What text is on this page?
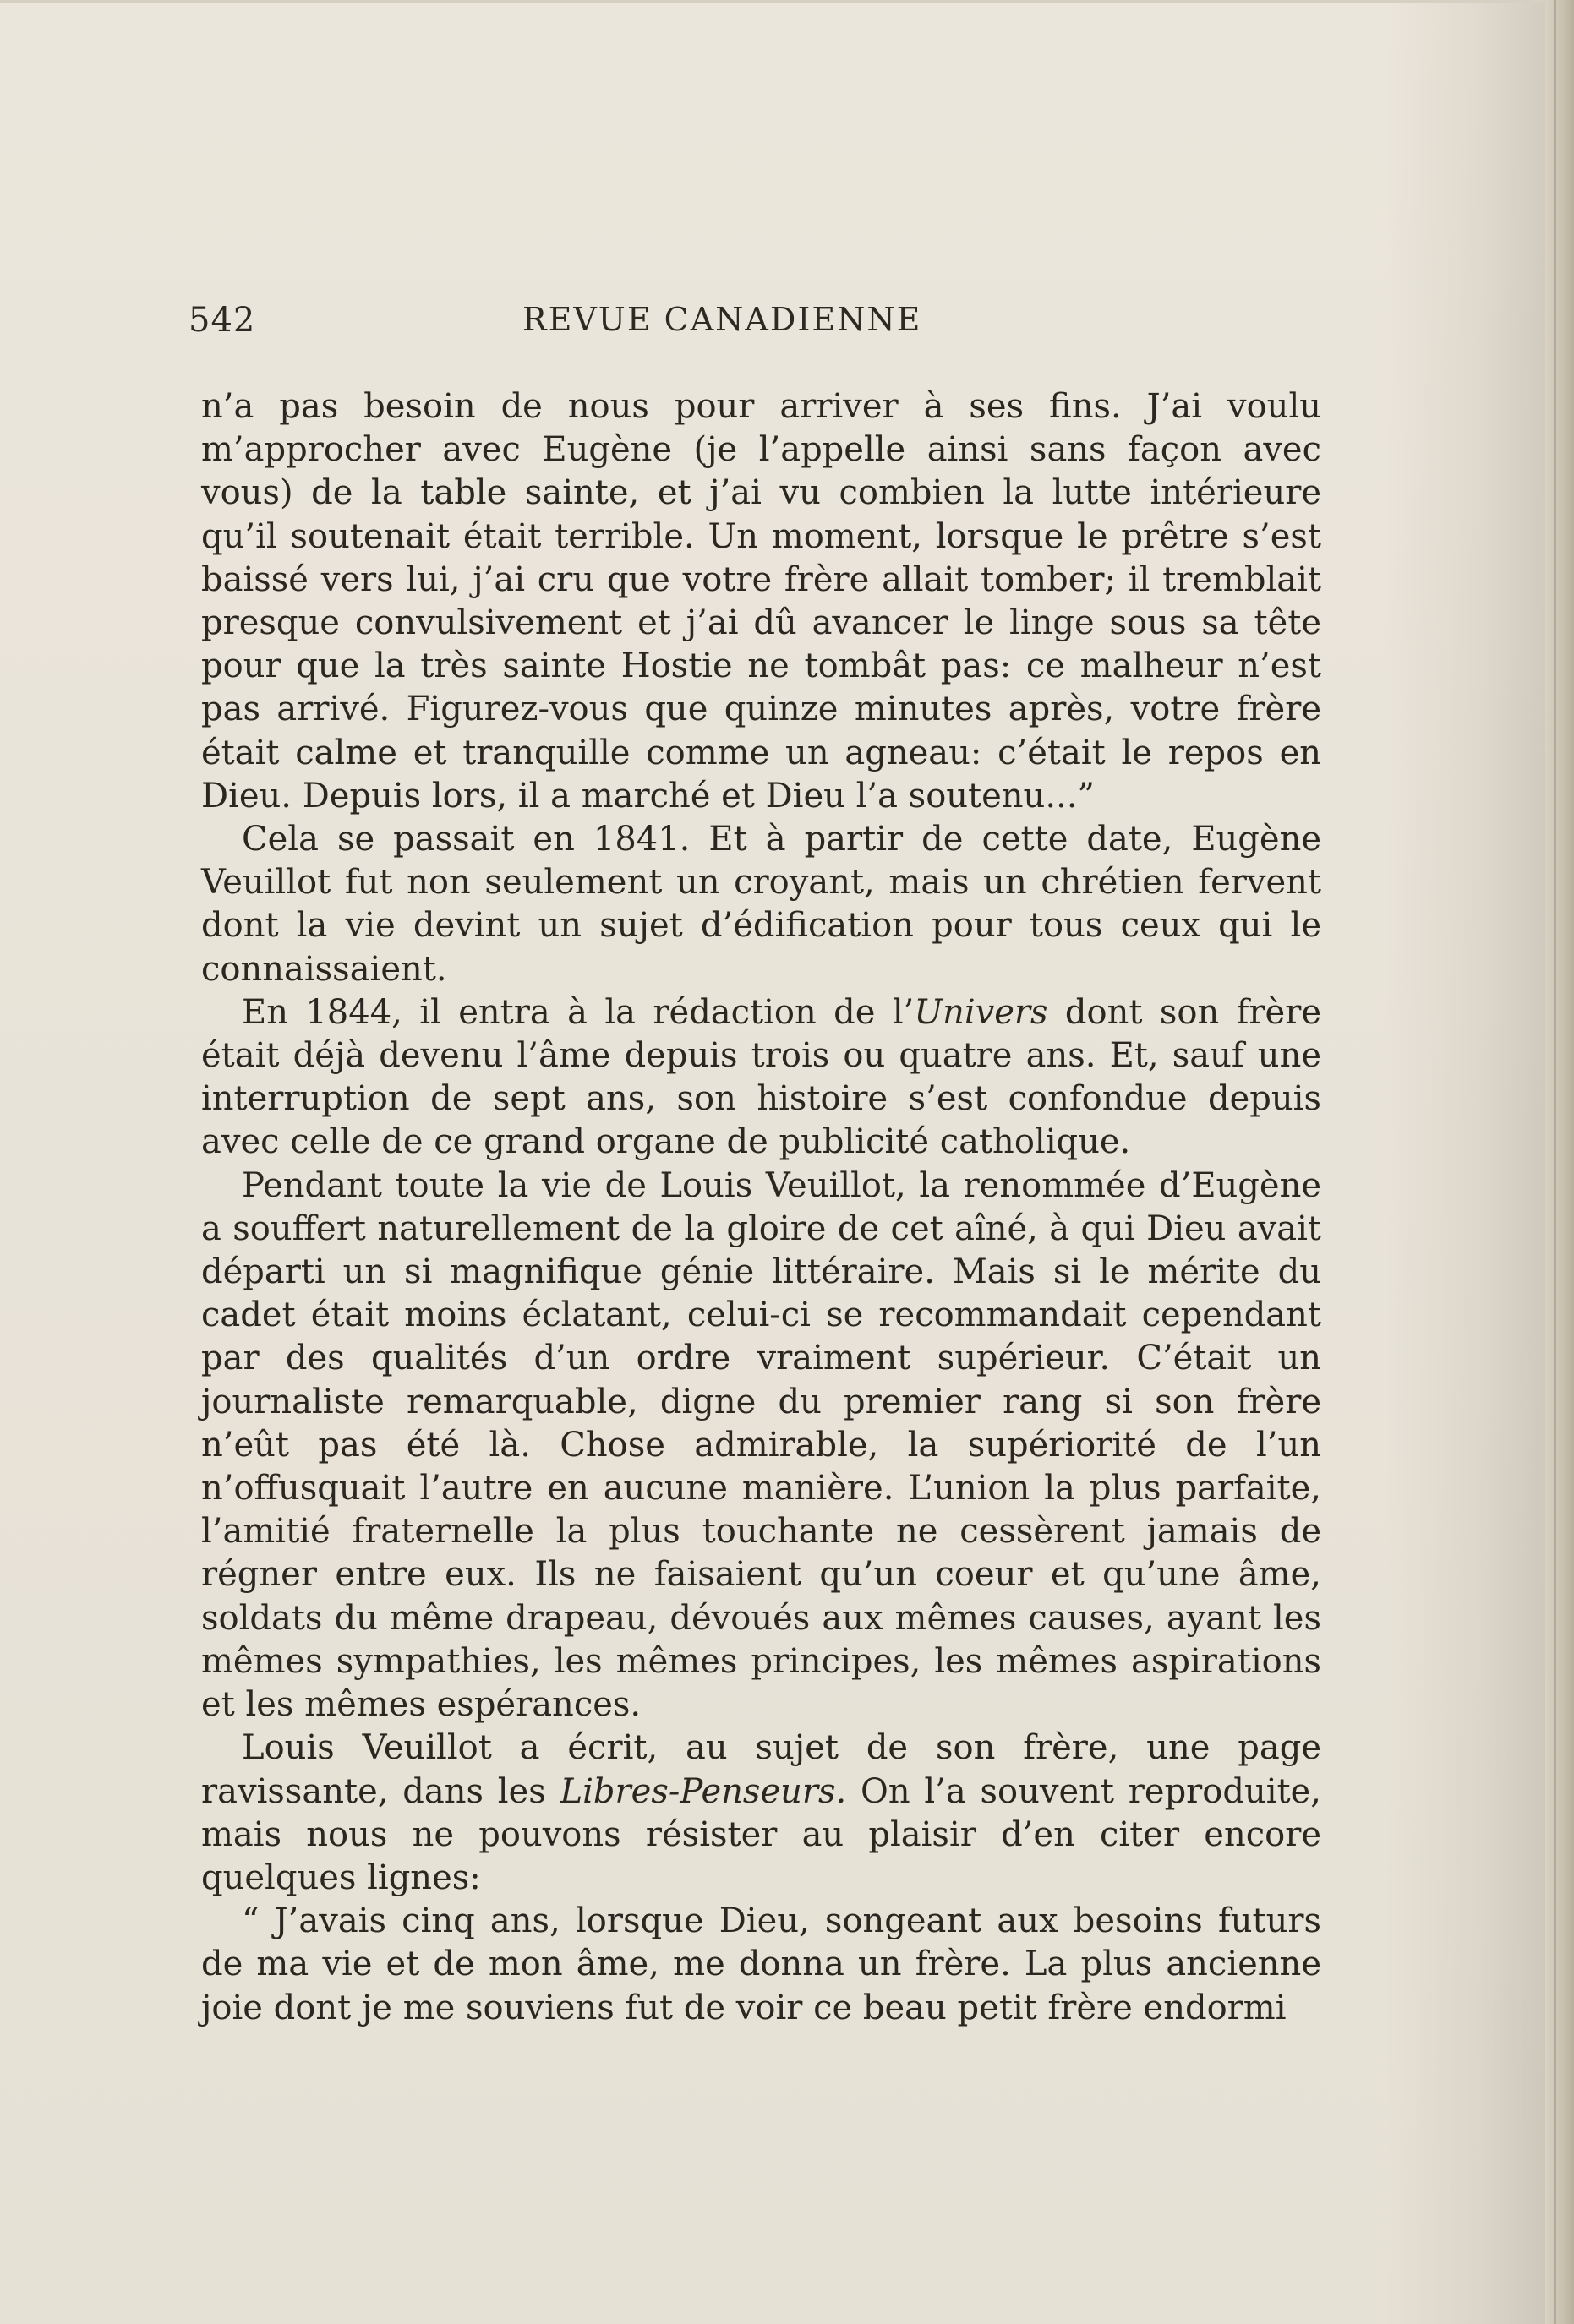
542	REVUE CANADIENNE

n’a pas besoin de nous pour arriver à ses fins. J’ai voulu m’approcher avec Eugène (je l’appelle ainsi sans façon avec vous) de la table sainte, et j’ai vu combien la lutte intérieure qu’il soutenait était terrible. Un moment, lorsque le prêtre s’est baissé vers lui, j’ai cru que votre frère allait tomber; il tremblait presque convulsivement et j’ai dû avancer le linge sous sa tête pour que la très sainte Hostie ne tombât pas: ce malheur n’est pas arrivé. Figurez-vous que quinze minutes après, votre frère était calme et tranquille comme un agneau: c’était le repos en Dieu. Depuis lors, il a marché et Dieu l’a soutenu...”

Cela se passait en 1841. Et à partir de cette date, Eugène Veuillot fut non seulement un croyant, mais un chrétien fervent dont la vie devint un sujet d’édification pour tous ceux qui le connaissaient.

En 1844, il entra à la rédaction de l’Univers dont son frère était déjà devenu l’âme depuis trois ou quatre ans. Et, sauf une interruption de sept ans, son histoire s’est confondue depuis avec celle de ce grand organe de publicité catholique.

Pendant toute la vie de Louis Veuillot, la renommée d’Eugène a souffert naturellement de la gloire de cet aîné, à qui Dieu avait départi un si magnifique génie littéraire. Mais si le mérite du cadet était moins éclatant, celui-ci se recommandait cependant par des qualités d’un ordre vraiment supérieur. C’était un journaliste remarquable, digne du premier rang si son frère n’eût pas été là. Chose admirable, la supériorité de l’un n’offusquait l’autre en aucune manière. L’union la plus parfaite, l’amitié fraternelle la plus touchante ne cessèrent jamais de régner entre eux. Ils ne faisaient qu’un coeur et qu’une âme, soldats du même drapeau, dévoués aux mêmes causes, ayant les mêmes sympathies, les mêmes principes, les mêmes aspirations et les mêmes espérances.

Louis Veuillot a écrit, au sujet de son frère, une page ravissante, dans les Libres-Penseurs. On l’a souvent reproduite, mais nous ne pouvons résister au plaisir d’en citer encore quelques lignes:

“ J’avais cinq ans, lorsque Dieu, songeant aux besoins futurs de ma vie et de mon âme, me donna un frère. La plus ancienne joie dont je me souviens fut de voir ce beau petit frère endormi
